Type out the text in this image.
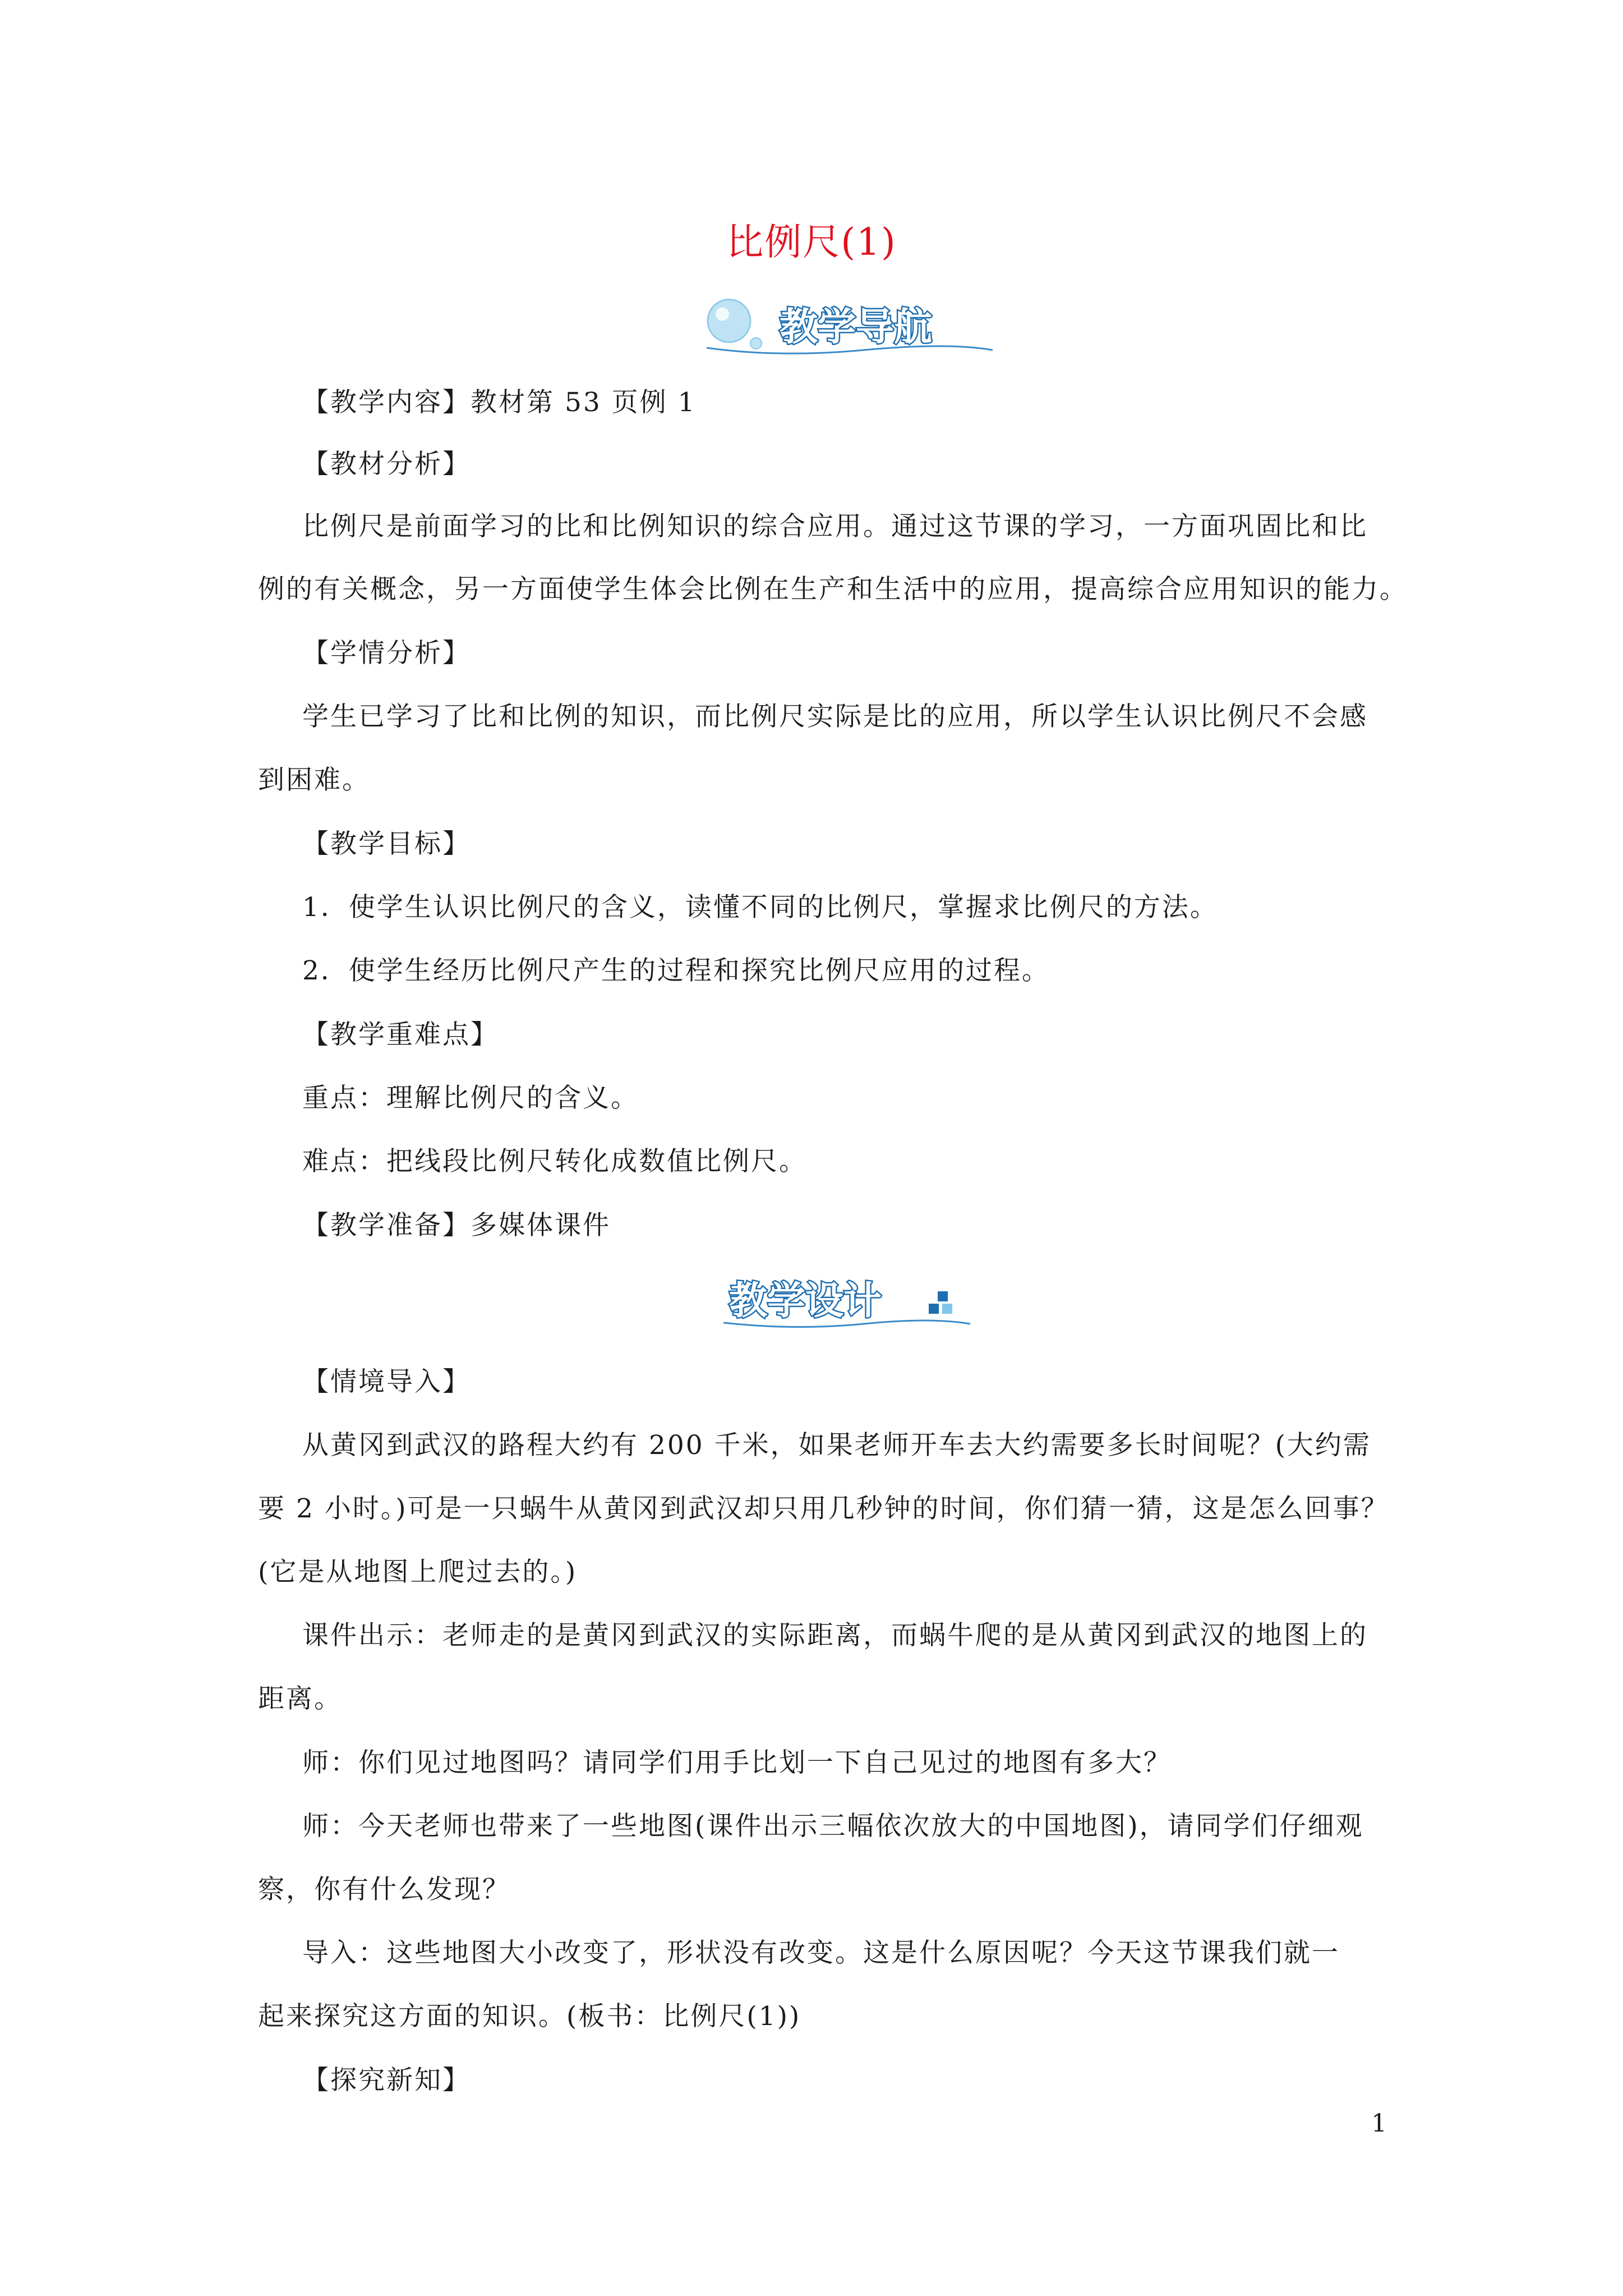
比例尺(1)
教学导航
【教学内容】教材第 53 页例 1
【教材分析】
比例尺是前面学习的比和比例知识的综合应用。通过这节课的学习，一方面巩固比和比
例的有关概念，另一方面使学生体会比例在生产和生活中的应用，提高综合应用知识的能力。
【学情分析】
学生已学习了比和比例的知识，而比例尺实际是比的应用，所以学生认识比例尺不会感
到困难。
【教学目标】
1．使学生认识比例尺的含义，读懂不同的比例尺，掌握求比例尺的方法。
2．使学生经历比例尺产生的过程和探究比例尺应用的过程。
【教学重难点】
重点：理解比例尺的含义。
难点：把线段比例尺转化成数值比例尺。
【教学准备】多媒体课件
教学设计
【情境导入】
从黄冈到武汉的路程大约有 200 千米，如果老师开车去大约需要多长时间呢？(大约需
要 2 小时。)可是一只蜗牛从黄冈到武汉却只用几秒钟的时间，你们猜一猜，这是怎么回事？
(它是从地图上爬过去的。)
课件出示：老师走的是黄冈到武汉的实际距离，而蜗牛爬的是从黄冈到武汉的地图上的
距离。
师：你们见过地图吗？请同学们用手比划一下自己见过的地图有多大？
师：今天老师也带来了一些地图(课件出示三幅依次放大的中国地图)，请同学们仔细观
察，你有什么发现？
导入：这些地图大小改变了，形状没有改变。这是什么原因呢？今天这节课我们就一
起来探究这方面的知识。(板书：比例尺(1))
【探究新知】
1
